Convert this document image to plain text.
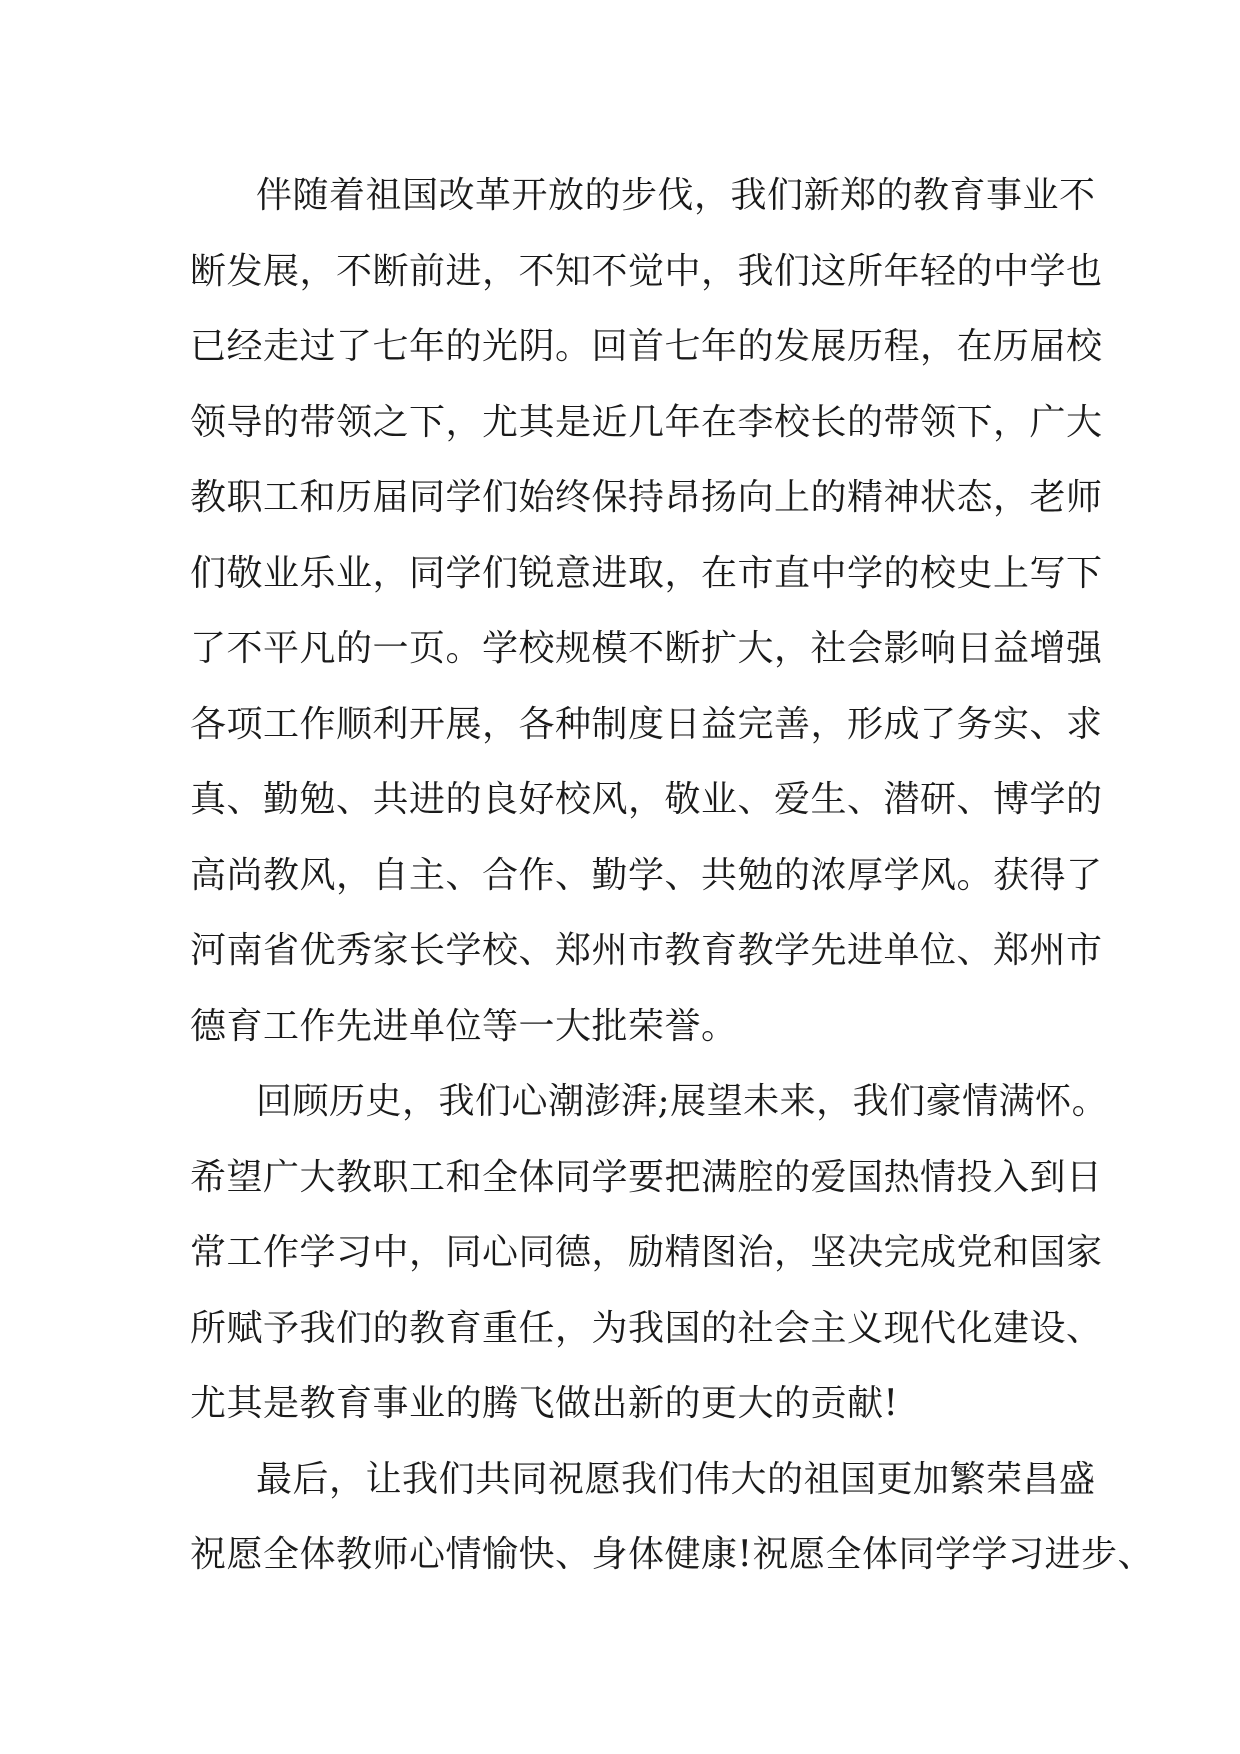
伴随着祖国改革开放的步伐，我们新郑的教育事业不
断发展，不断前进，不知不觉中，我们这所年轻的中学也
已经走过了七年的光阴。回首七年的发展历程，在历届校
领导的带领之下，尤其是近几年在李校长的带领下，广大
教职工和历届同学们始终保持昂扬向上的精神状态，老师
们敬业乐业，同学们锐意进取，在市直中学的校史上写下
了不平凡的一页。学校规模不断扩大，社会影响日益增强
各项工作顺利开展，各种制度日益完善，形成了务实、求
真、勤勉、共进的良好校风，敬业、爱生、潜研、博学的
高尚教风，自主、合作、勤学、共勉的浓厚学风。获得了
河南省优秀家长学校、郑州市教育教学先进单位、郑州市
德育工作先进单位等一大批荣誉。
回顾历史，我们心潮澎湃;展望未来，我们豪情满怀。
希望广大教职工和全体同学要把满腔的爱国热情投入到日
常工作学习中，同心同德，励精图治，坚决完成党和国家
所赋予我们的教育重任，为我国的社会主义现代化建设、
尤其是教育事业的腾飞做出新的更大的贡献!
最后，让我们共同祝愿我们伟大的祖国更加繁荣昌盛
祝愿全体教师心情愉快、身体健康!祝愿全体同学学习进步、
